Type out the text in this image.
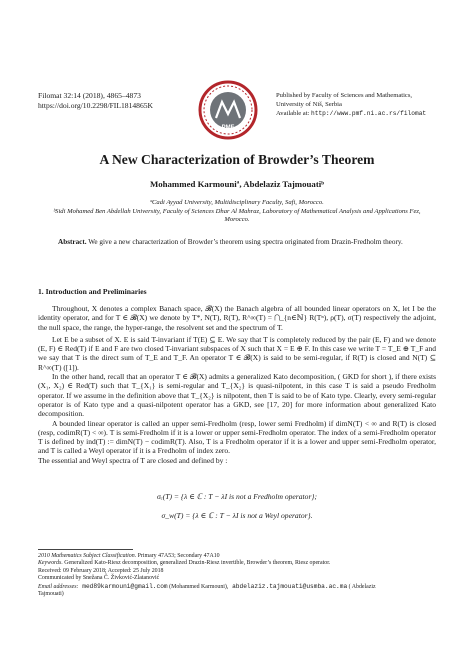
Filomat 32:14 (2018), 4865–4873
https://doi.org/10.2298/FIL1814865K
PMF
Published by Faculty of Sciences and Mathematics,
University of Niš, Serbia
Available at: http://www.pmf.ni.ac.rs/filomat
A New Characterization of Browder’s Theorem
Mohammed Karmouniª, Abdelaziz Tajmouatiᵇ
ªCadi Ayyad University, Multidisciplinary Faculty, Safi, Morocco.
ᵇSidi Mohamed Ben Abdellah University, Faculty of Sciences Dhar Al Mahraz, Laboratory of Mathematical Analysis and Applications Fez,
Morocco.
Abstract. We give a new characterization of Browder’s theorem using spectra originated from Drazin-Fredholm theory.
1. Introduction and Preliminaries

Throughout, X denotes a complex Banach space, 𝓑(X) the Banach algebra of all bounded linear operators on X, let I be the identity operator, and for T ∈ 𝓑(X) we denote by T*, N(T), R(T), R^∞(T) = ⋂_{n∈ℕ} R(Tⁿ), ρ(T), σ(T) respectively the adjoint, the null space, the range, the hyper-range, the resolvent set and the spectrum of T.

Let E be a subset of X. E is said T-invariant if T(E) ⊆ E. We say that T is completely reduced by the pair (E, F) and we denote (E, F) ∈ Red(T) if E and F are two closed T-invariant subspaces of X such that X = E ⊕ F. In this case we write T = T_E ⊕ T_F and we say that T is the direct sum of T_E and T_F. An operator T ∈ 𝓑(X) is said to be semi-regular, if R(T) is closed and N(T) ⊆ R^∞(T) ([1]).

In the other hand, recall that an operator T ∈ 𝓑(X) admits a generalized Kato decomposition, ( GKD for short ), if there exists (X₁, X₂) ∈ Red(T) such that T_{X₁} is semi-regular and T_{X₂} is quasi-nilpotent, in this case T is said a pseudo Fredholm operator. If we assume in the definition above that T_{X₂} is nilpotent, then T is said to be of Kato type. Clearly, every semi-regular operator is of Kato type and a quasi-nilpotent operator has a GKD, see [17, 20] for more information about generalized Kato decomposition.

A bounded linear operator is called an upper semi-Fredholm (resp, lower semi Fredholm) if dimN(T) < ∞ and R(T) is closed (resp, codimR(T) < ∞). T is semi-Fredholm if it is a lower or upper semi-Fredholm operator. The index of a semi-Fredholm operator T is defined by ind(T) := dimN(T) − codimR(T). Also, T is a Fredholm operator if it is a lower and upper semi-Fredholm operator, and T is called a Weyl operator if it is a Fredholm of index zero.

The essential and Weyl spectra of T are closed and defined by :

σₑ(T) = {λ ∈ ℂ : T − λI is not a Fredholm operator};
σ_w(T) = {λ ∈ ℂ : T − λI is not a Weyl operator}.
2010 Mathematics Subject Classification. Primary 47A53; Secondary 47A10
Keywords. Generalized Kato-Riesz decomposition, generalized Drazin-Riesz invertible, Browder’s theorem, Riesz operator.
Received: 09 February 2018; Accepted: 25 July 2018
Communicated by Snežana Č. Živković-Zlatanović
Email addresses: med89karmouni@gmail.com (Mohammed Karmouni), abdelaziz.tajmouati@usmba.ac.ma ( Abdelaziz
Tajmouati)
